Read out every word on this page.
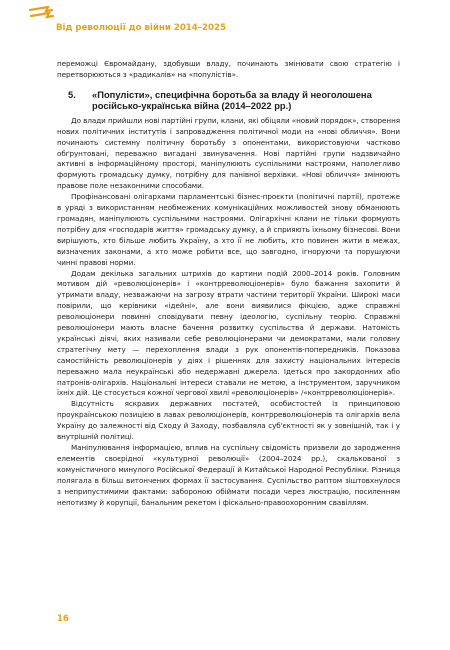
Від революції до війни 2014–2025

переможці Євромайдану, здобувши владу, починають змінювати свою стратегію і перетворюються з «радикалів» на «популістів».

5.	«Популісти», специфічна боротьба за владу й неоголошена російсько-українська війна (2014–2022 рр.)

До влади прийшли нові партійні групи, клани, які обіцяли «новий порядок», створення нових політичних інститутів і запровадження політичної моди на «нові обличчя». Вони починають системну політичну боротьбу з опонентами, використовуючи частково обґрунтовані, переважно вигадані звинувачення. Нові партійні групи надзвичайно активні в інформаційному просторі, маніпулюють суспільними настроями, наполегливо формують громадську думку, потрібну для панівної верхівки. «Нові обличчя» змінюють правове поле незаконними способами.

Профінансовані олігархами парламентські бізнес-проєкти (політичні партії), протеже в уряді з використанням необмежених комунікаційних можливостей знову обманюють громадян, маніпулюють суспільними настроями. Олігархічні клани не тільки формують потрібну для «господарів життя» громадську думку, а й сприяють їхньому бізнесові. Вони вирішують, хто більше любить Україну, а хто її не любить, хто повинен жити в межах, визначених законами, а хто може робити все, що завгодно, ігноруючи та порушуючи чинні правові норми.

Додам декілька загальних штрихів до картини подій 2000–2014 років. Головним мотивом дій «революціонерів» і «контрреволюціонерів» було бажання захопити й утримати владу, незважаючи на загрозу втрати частини території України. Широкі маси повірили, що керівники «ідейні», але вони виявилися фікцією, адже справжні революціонери повинні сповідувати певну ідеологію, суспільну теорію. Справжні революціонери мають власне бачення розвитку суспільства й держави. Натомість українські діячі, яких називали себе революціонерами чи демократами, мали головну стратегічну мету — перехоплення влади з рук опонентів-попередників. Показова самостійність революціонерів у діях і рішеннях для захисту національних інтересів переважно мала неукраїнські або недержавні джерела. Ідеться про закордонних або патронів-олігархів. Національні інтереси ставали не метою, а інструментом, заручником їхніх дій. Це стосується кожної чергової хвилі «революціонерів» /«контрреволюціонерів».

Відсутність яскравих державних постатей, особистостей із принциповою проукраїнською позицією в лавах революціонерів, контрреволюціонерів та олігархів вела Україну до залежності від Сходу й Заходу, позбавляла суб'єктності як у зовнішній, так і у внутрішній політиці.

Маніпулювання інформацією, вплив на суспільну свідомість призвели до зародження елементів своєрідної «культурної революції» (2004–2024 рр.), скалькованої з комуністичного минулого Російської Федерації й Китайської Народної Республіки. Різниця полягала в більш витончених формах її застосування. Суспільство раптом зіштовхнулося з неприпустимими фактами: забороною обіймати посади через люстрацію, посиленням непотизму й корупції, банальним рекетом і фіскально-правоохоронним свавіллям.

16
